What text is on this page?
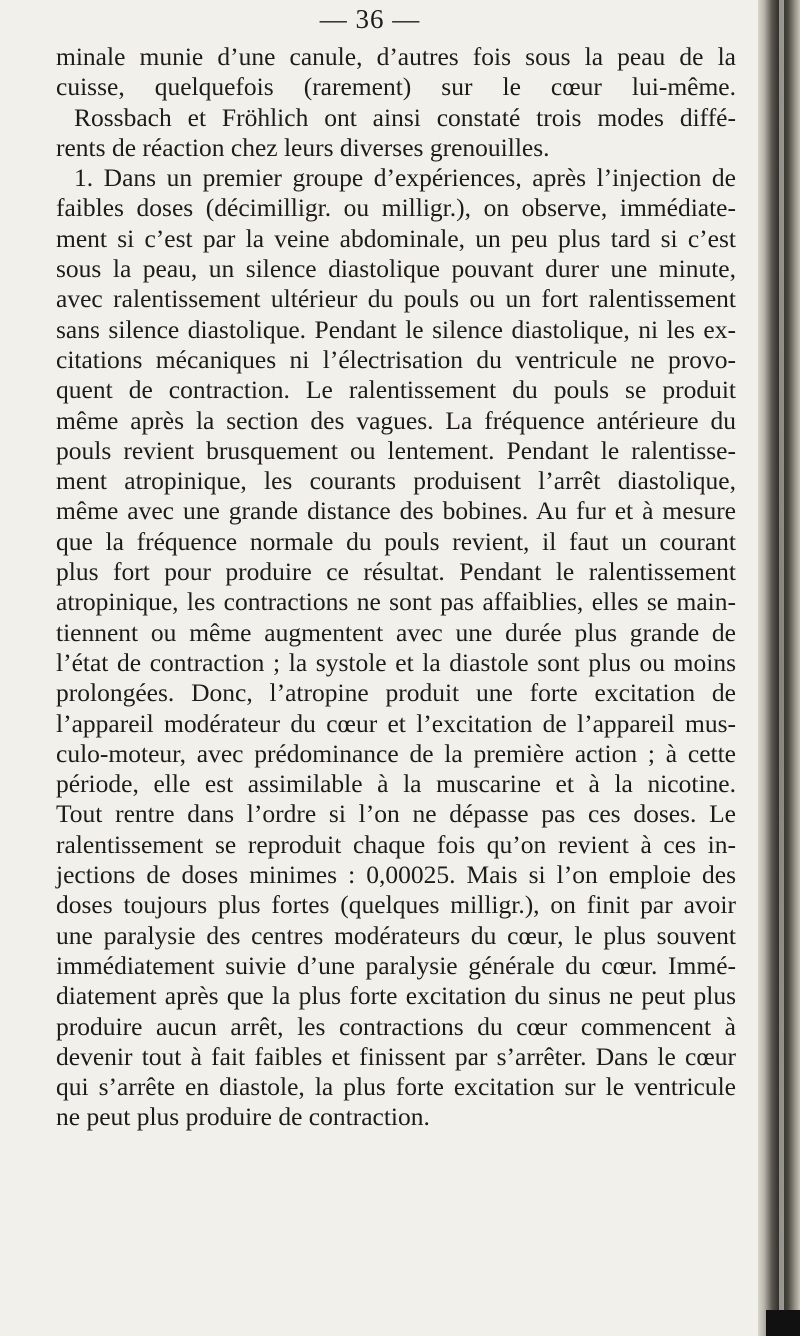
— 36 —
minale munie d’une canule, d’autres fois sous la peau de la
cuisse, quelquefois (rarement) sur le cœur lui-même.
Rossbach et Fröhlich ont ainsi constaté trois modes diffé-
rents de réaction chez leurs diverses grenouilles.
1. Dans un premier groupe d’expériences, après l’injection de
faibles doses (décimilligr. ou milligr.), on observe, immédiate-
ment si c’est par la veine abdominale, un peu plus tard si c’est
sous la peau, un silence diastolique pouvant durer une minute,
avec ralentissement ultérieur du pouls ou un fort ralentissement
sans silence diastolique. Pendant le silence diastolique, ni les ex-
citations mécaniques ni l’électrisation du ventricule ne provo-
quent de contraction. Le ralentissement du pouls se produit
même après la section des vagues. La fréquence antérieure du
pouls revient brusquement ou lentement. Pendant le ralentisse-
ment atropinique, les courants produisent l’arrêt diastolique,
même avec une grande distance des bobines. Au fur et à mesure
que la fréquence normale du pouls revient, il faut un courant
plus fort pour produire ce résultat. Pendant le ralentissement
atropinique, les contractions ne sont pas affaiblies, elles se main-
tiennent ou même augmentent avec une durée plus grande de
l’état de contraction ; la systole et la diastole sont plus ou moins
prolongées. Donc, l’atropine produit une forte excitation de
l’appareil modérateur du cœur et l’excitation de l’appareil mus-
culo-moteur, avec prédominance de la première action ; à cette
période, elle est assimilable à la muscarine et à la nicotine.
Tout rentre dans l’ordre si l’on ne dépasse pas ces doses. Le
ralentissement se reproduit chaque fois qu’on revient à ces in-
jections de doses minimes : 0,00025. Mais si l’on emploie des
doses toujours plus fortes (quelques milligr.), on finit par avoir
une paralysie des centres modérateurs du cœur, le plus souvent
immédiatement suivie d’une paralysie générale du cœur. Immé-
diatement après que la plus forte excitation du sinus ne peut plus
produire aucun arrêt, les contractions du cœur commencent à
devenir tout à fait faibles et finissent par s’arrêter. Dans le cœur
qui s’arrête en diastole, la plus forte excitation sur le ventricule
ne peut plus produire de contraction.
